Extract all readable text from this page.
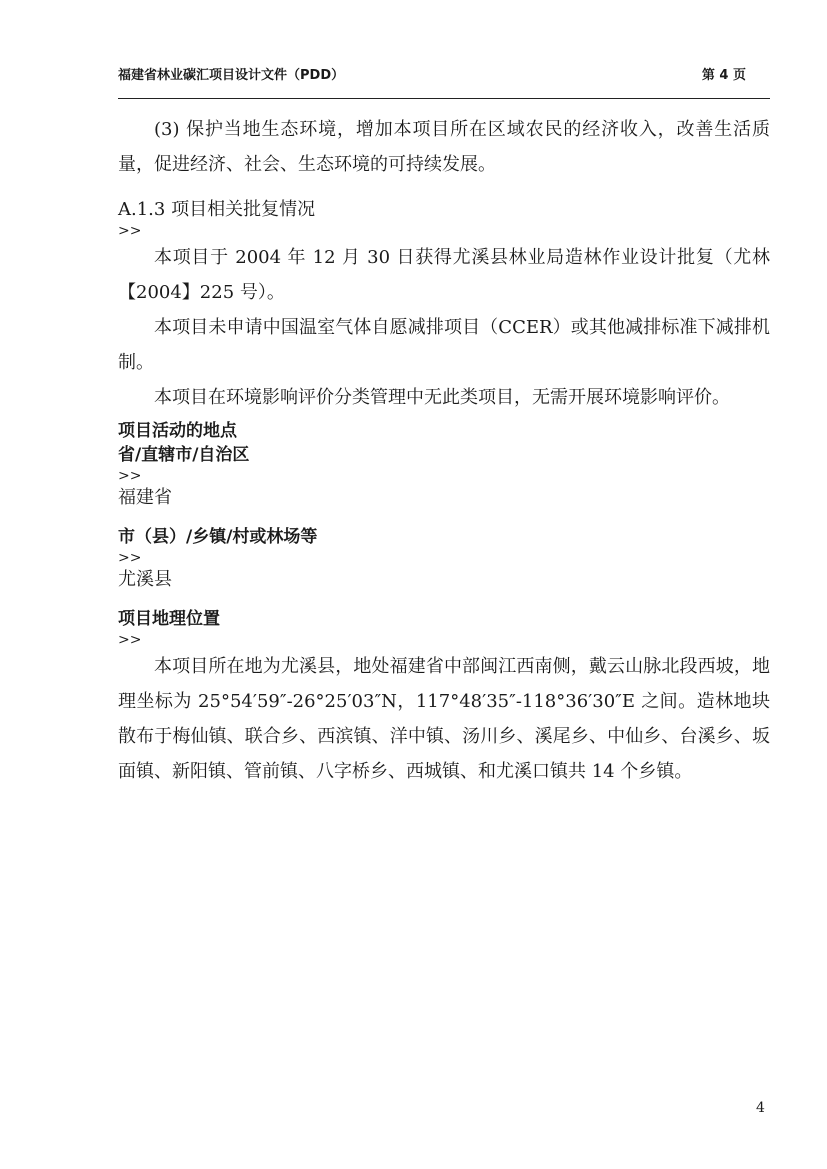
福建省林业碳汇项目设计文件（PDD）	第 4 页

(3) 保护当地生态环境，增加本项目所在区域农民的经济收入，改善生活质量，促进经济、社会、生态环境的可持续发展。

A.1.3 项目相关批复情况

>>

本项目于 2004 年 12 月 30 日获得尤溪县林业局造林作业设计批复（尤林【2004】225 号）。

本项目未申请中国温室气体自愿减排项目（CCER）或其他减排标准下减排机制。

本项目在环境影响评价分类管理中无此类项目，无需开展环境影响评价。

项目活动的地点

省/直辖市/自治区

>>

福建省

市（县）/乡镇/村或林场等

>>

尤溪县

项目地理位置

>>

本项目所在地为尤溪县，地处福建省中部闽江西南侧，戴云山脉北段西坡，地理坐标为 25°54′59″-26°25′03″N，117°48′35″-118°36′30″E 之间。造林地块散布于梅仙镇、联合乡、西滨镇、洋中镇、汤川乡、溪尾乡、中仙乡、台溪乡、坂面镇、新阳镇、管前镇、八字桥乡、西城镇、和尤溪口镇共 14 个乡镇。

4
